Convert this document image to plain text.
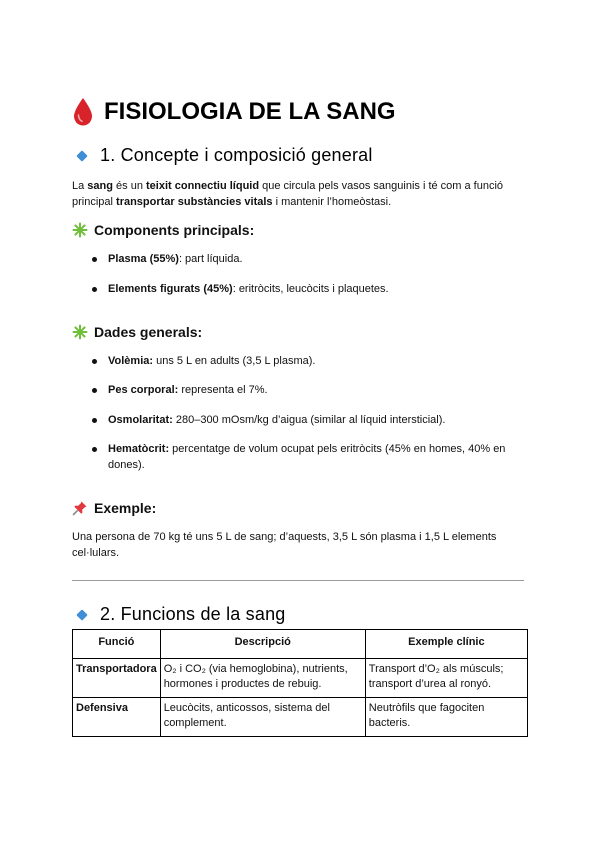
FISIOLOGIA DE LA SANG
1. Concepte i composició general
La sang és un teixit connectiu líquid que circula pels vasos sanguinis i té com a funció principal transportar substàncies vitals i mantenir l’homeòstasi.
Components principals:
Plasma (55%): part líquida.
Elements figurats (45%): eritròcits, leucòcits i plaquetes.
Dades generals:
Volèmia: uns 5 L en adults (3,5 L plasma).
Pes corporal: representa el 7%.
Osmolaritat: 280–300 mOsm/kg d’aigua (similar al líquid intersticial).
Hematòcrit: percentatge de volum ocupat pels eritròcits (45% en homes, 40% en dones).
Exemple:
Una persona de 70 kg té uns 5 L de sang; d’aquests, 3,5 L són plasma i 1,5 L elements cel·lulars.
2. Funcions de la sang
Funció	Descripció	Exemple clínic
Transportadora	O₂ i CO₂ (via hemoglobina), nutrients, hormones i productes de rebuig.	Transport d’O₂ als músculs; transport d’urea al ronyó.
Defensiva	Leucòcits, anticossos, sistema del complement.	Neutròfils que fagociten bacteris.
